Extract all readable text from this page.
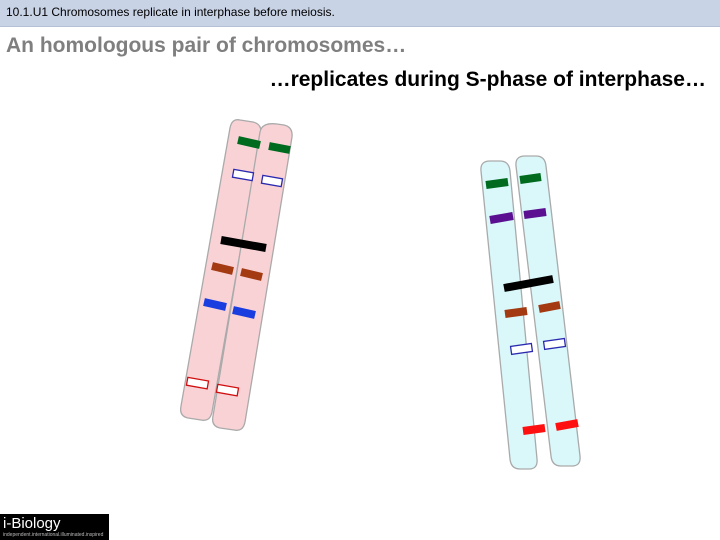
10.1.U1 Chromosomes replicate in interphase before meiosis.
An homologous pair of chromosomes…
…replicates during S-phase of interphase…
i-Biology
independent.international.illuminated.inspired
